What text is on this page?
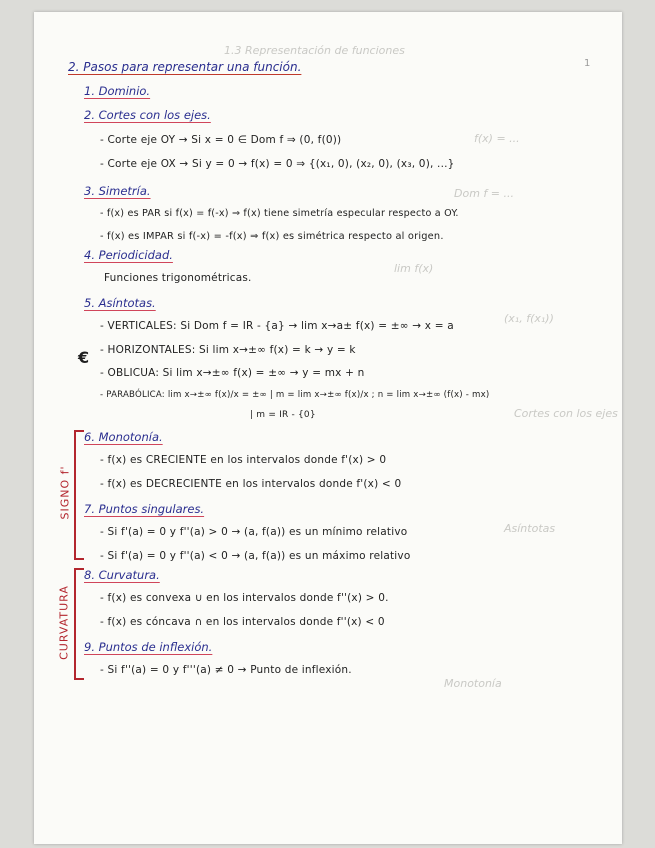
1.3 Representación de funciones
f(x) = ...
Dom f = ...
lim f(x)
(x₁, f(x₁))
Cortes con los ejes
Asíntotas
Monotonía
1
2. Pasos para representar una función.
1. Dominio.
2. Cortes con los ejes.
- Corte eje OY → Si x = 0 ∈ Dom f ⇒ (0, f(0))
- Corte eje OX → Si y = 0 → f(x) = 0 ⇒ {(x₁, 0), (x₂, 0), (x₃, 0), ...}
3. Simetría.
- f(x) es PAR si f(x) = f(-x) ⇒ f(x) tiene simetría especular respecto a OY.
- f(x) es IMPAR si f(-x) = -f(x) ⇒ f(x) es simétrica respecto al origen.
4. Periodicidad.
Funciones trigonométricas.
5. Asíntotas.
- VERTICALES: Si Dom f = IR - {a} → lim x→a± f(x) = ±∞ → x = a
- HORIZONTALES: Si lim x→±∞ f(x) = k → y = k
€
- OBLICUA: Si lim x→±∞ f(x) = ±∞ → y = mx + n
- PARABÓLICA: lim x→±∞ f(x)/x = ±∞ | m = lim x→±∞ f(x)/x ; n = lim x→±∞ (f(x) - mx)
| m = IR - {0}
SIGNO f'
6. Monotonía.
- f(x) es CRECIENTE en los intervalos donde f'(x) > 0
- f(x) es DECRECIENTE en los intervalos donde f'(x) < 0
7. Puntos singulares.
- Si f'(a) = 0 y f''(a) > 0 → (a, f(a)) es un mínimo relativo
- Si f'(a) = 0 y f''(a) < 0 → (a, f(a)) es un máximo relativo
CURVATURA
8. Curvatura.
- f(x) es convexa ∪ en los intervalos donde f''(x) > 0.
- f(x) es cóncava ∩ en los intervalos donde f''(x) < 0
9. Puntos de inflexión.
- Si f''(a) = 0 y f'''(a) ≠ 0 → Punto de inflexión.
